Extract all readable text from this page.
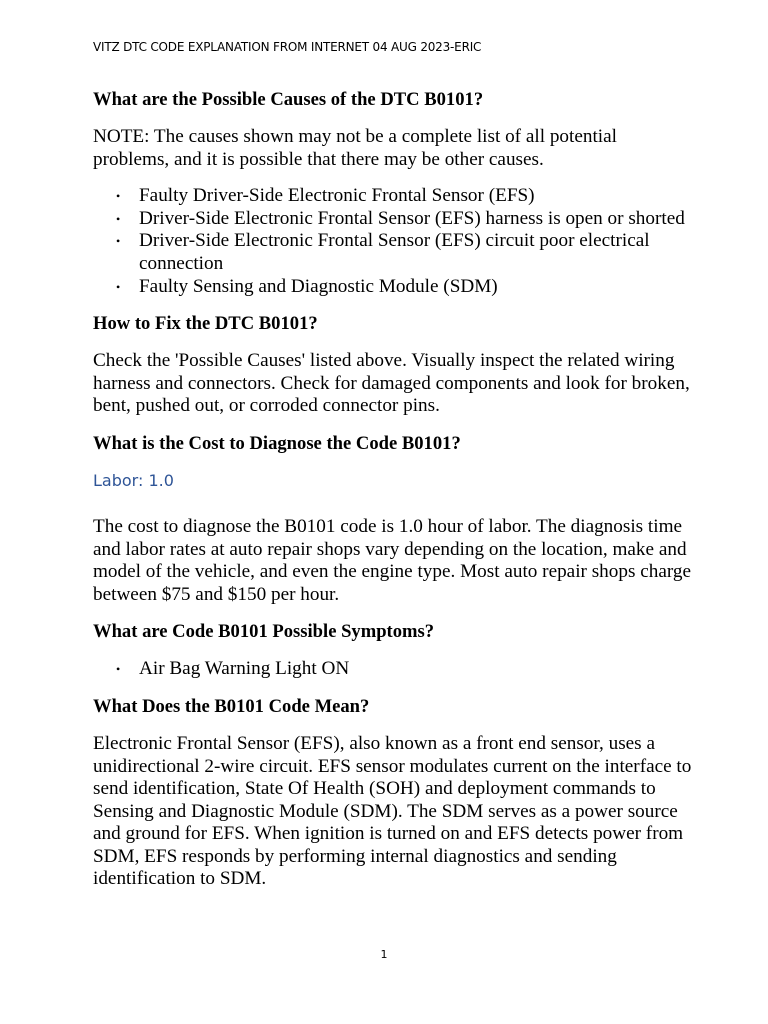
VITZ DTC CODE EXPLANATION FROM INTERNET 04 AUG 2023-ERIC
What are the Possible Causes of the DTC B0101?

NOTE: The causes shown may not be a complete list of all potential problems, and it is possible that there may be other causes.

• Faulty Driver-Side Electronic Frontal Sensor (EFS)
• Driver-Side Electronic Frontal Sensor (EFS) harness is open or shorted
• Driver-Side Electronic Frontal Sensor (EFS) circuit poor electrical connection
• Faulty Sensing and Diagnostic Module (SDM)
How to Fix the DTC B0101?

Check the 'Possible Causes' listed above. Visually inspect the related wiring harness and connectors. Check for damaged components and look for broken, bent, pushed out, or corroded connector pins.

What is the Cost to Diagnose the Code B0101?
Labor: 1.0

The cost to diagnose the B0101 code is 1.0 hour of labor. The diagnosis time and labor rates at auto repair shops vary depending on the location, make and model of the vehicle, and even the engine type. Most auto repair shops charge between $75 and $150 per hour.

What are Code B0101 Possible Symptoms?
• Air Bag Warning Light ON
What Does the B0101 Code Mean?

Electronic Frontal Sensor (EFS), also known as a front end sensor, uses a unidirectional 2-wire circuit. EFS sensor modulates current on the interface to send identification, State Of Health (SOH) and deployment commands to Sensing and Diagnostic Module (SDM). The SDM serves as a power source and ground for EFS. When ignition is turned on and EFS detects power from SDM, EFS responds by performing internal diagnostics and sending identification to SDM.

1
